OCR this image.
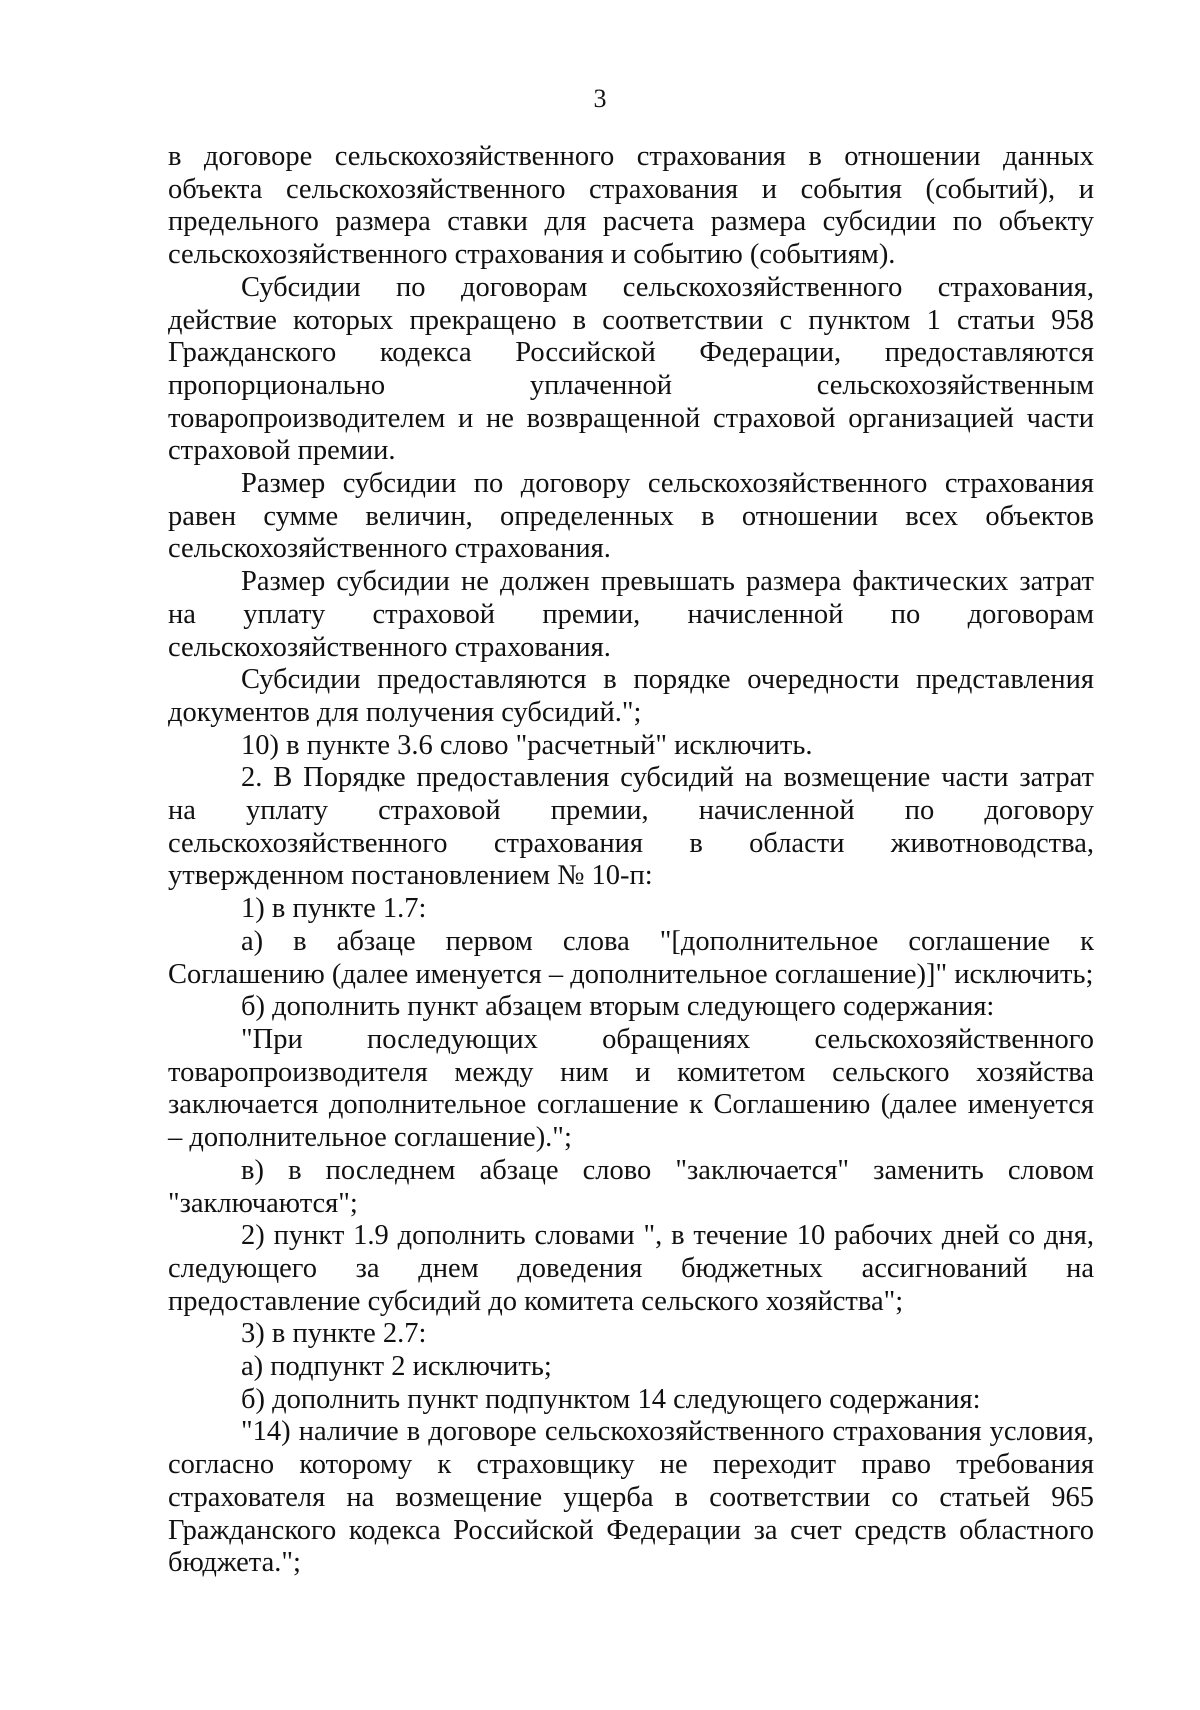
3

в договоре сельскохозяйственного страхования в отношении данных объекта сельскохозяйственного страхования и события (событий), и предельного размера ставки для расчета размера субсидии по объекту сельскохозяйственного страхования и событию (событиям).

Субсидии по договорам сельскохозяйственного страхования, действие которых прекращено в соответствии с пунктом 1 статьи 958 Гражданского кодекса Российской Федерации, предоставляются пропорционально уплаченной сельскохозяйственным товаропроизводителем и не возвращенной страховой организацией части страховой премии.

Размер субсидии по договору сельскохозяйственного страхования равен сумме величин, определенных в отношении всех объектов сельскохозяйственного страхования.

Размер субсидии не должен превышать размера фактических затрат на уплату страховой премии, начисленной по договорам сельскохозяйственного страхования.

Субсидии предоставляются в порядке очередности представления документов для получения субсидий.";

10) в пункте 3.6 слово "расчетный" исключить.

2. В Порядке предоставления субсидий на возмещение части затрат на уплату страховой премии, начисленной по договору сельскохозяйственного страхования в области животноводства, утвержденном постановлением № 10-п:

1) в пункте 1.7:

а) в абзаце первом слова "[дополнительное соглашение к Соглашению (далее именуется – дополнительное соглашение)]" исключить;

б) дополнить пункт абзацем вторым следующего содержания:

"При последующих обращениях сельскохозяйственного товаропроизводителя между ним и комитетом сельского хозяйства заключается дополнительное соглашение к Соглашению (далее именуется – дополнительное соглашение).";

в) в последнем абзаце слово "заключается" заменить словом "заключаются";

2) пункт 1.9 дополнить словами ", в течение 10 рабочих дней со дня, следующего за днем доведения бюджетных ассигнований на предоставление субсидий до комитета сельского хозяйства";

3) в пункте 2.7:

а) подпункт 2 исключить;

б) дополнить пункт подпунктом 14 следующего содержания:

"14) наличие в договоре сельскохозяйственного страхования условия, согласно которому к страховщику не переходит право требования страхователя на возмещение ущерба в соответствии со статьей 965 Гражданского кодекса Российской Федерации за счет средств областного бюджета.";
